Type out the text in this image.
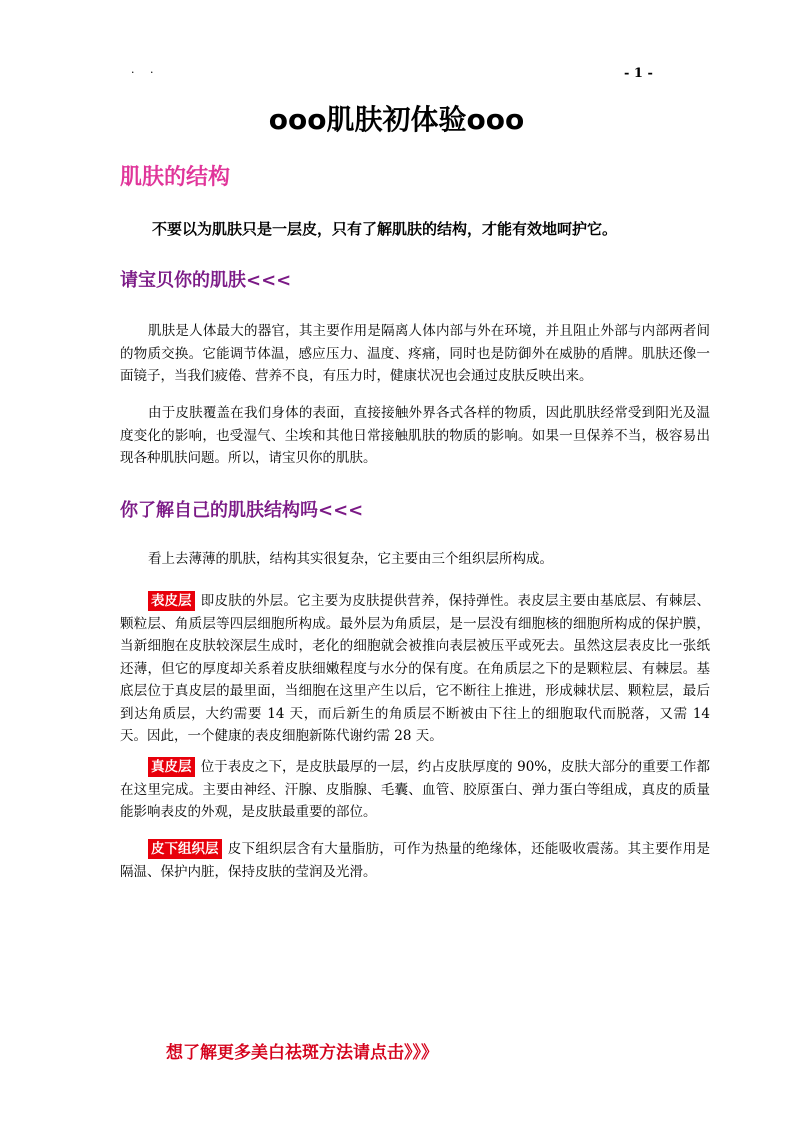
· ·	- 1 -
ooo肌肤初体验ooo
肌肤的结构
不要以为肌肤只是一层皮，只有了解肌肤的结构，才能有效地呵护它。
请宝贝你的肌肤<<<
肌肤是人体最大的器官，其主要作用是隔离人体内部与外在环境，并且阻止外部与内部两者间的物质交换。它能调节体温，感应压力、温度、疼痛，同时也是防御外在威胁的盾牌。肌肤还像一面镜子，当我们疲倦、营养不良，有压力时，健康状况也会通过皮肤反映出来。
由于皮肤覆盖在我们身体的表面，直接接触外界各式各样的物质，因此肌肤经常受到阳光及温度变化的影响，也受湿气、尘埃和其他日常接触肌肤的物质的影响。如果一旦保养不当，极容易出现各种肌肤问题。所以，请宝贝你的肌肤。
你了解自己的肌肤结构吗<<<
看上去薄薄的肌肤，结构其实很复杂，它主要由三个组织层所构成。
表皮层 即皮肤的外层。它主要为皮肤提供营养，保持弹性。表皮层主要由基底层、有棘层、颗粒层、角质层等四层细胞所构成。最外层为角质层，是一层没有细胞核的细胞所构成的保护膜，当新细胞在皮肤较深层生成时，老化的细胞就会被推向表层被压平或死去。虽然这层表皮比一张纸还薄，但它的厚度却关系着皮肤细嫩程度与水分的保有度。在角质层之下的是颗粒层、有棘层。基底层位于真皮层的最里面，当细胞在这里产生以后，它不断往上推进，形成棘状层、颗粒层，最后到达角质层，大约需要 14 天，而后新生的角质层不断被由下往上的细胞取代而脱落，又需 14 天。因此，一个健康的表皮细胞新陈代谢约需 28 天。
真皮层 位于表皮之下，是皮肤最厚的一层，约占皮肤厚度的 90%，皮肤大部分的重要工作都在这里完成。主要由神经、汗腺、皮脂腺、毛囊、血管、胶原蛋白、弹力蛋白等组成，真皮的质量能影响表皮的外观，是皮肤最重要的部位。
皮下组织层 皮下组织层含有大量脂肪，可作为热量的绝缘体，还能吸收震荡。其主要作用是隔温、保护内脏，保持皮肤的莹润及光滑。
想了解更多美白祛斑方法请点击》》》
